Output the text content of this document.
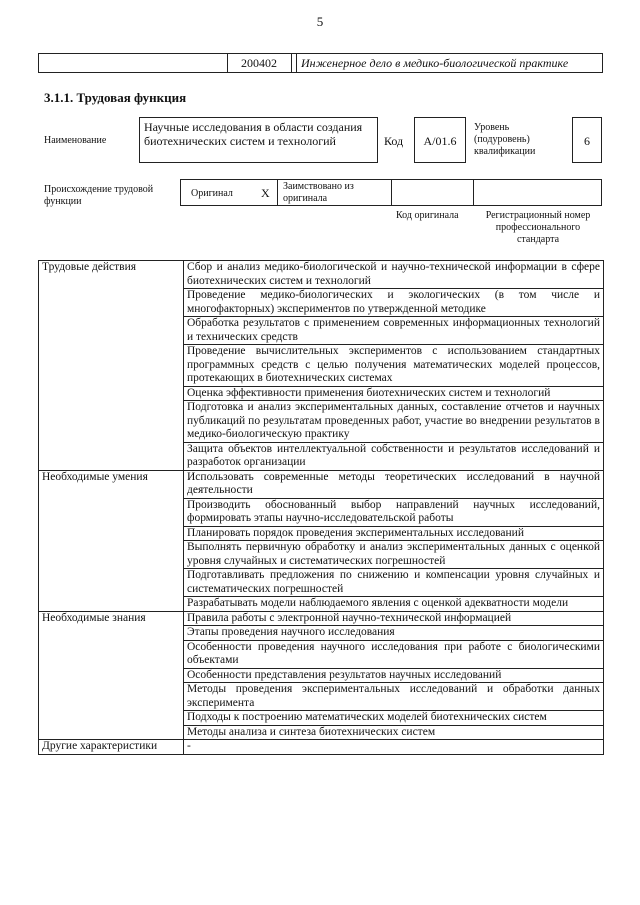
5
200402	Инженерное дело в медико-биологической практике
3.1.1. Трудовая функция
Наименование
Научные исследования в области создания биотехнических систем и технологий	Код	A/01.6
Уровень (подуровень) квалификации
6
Происхождение трудовой функции
Оригинал X Заимствовано из оригинала
Код оригинала	Регистрационный номер профессионального стандарта
Трудовые действия	Сбор и анализ медико-биологической и научно-технической информации в сфере биотехнических систем и технологий
	Проведение медико-биологических и экологических (в том числе и многофакторных) экспериментов по утвержденной методике
	Обработка результатов с применением современных информационных технологий и технических средств
	Проведение вычислительных экспериментов с использованием стандартных программных средств с целью получения математических моделей процессов, протекающих в биотехнических системах
	Оценка эффективности применения биотехнических систем и технологий
	Подготовка и анализ экспериментальных данных, составление отчетов и научных публикаций по результатам проведенных работ, участие во внедрении результатов в медико-биологическую практику
	Защита объектов интеллектуальной собственности и результатов исследований и разработок организации
Необходимые умения	Использовать современные методы теоретических исследований в научной деятельности
	Производить обоснованный выбор направлений научных исследований, формировать этапы научно-исследовательской работы
	Планировать порядок проведения экспериментальных исследований
	Выполнять первичную обработку и анализ экспериментальных данных с оценкой уровня случайных и систематических погрешностей
	Подготавливать предложения по снижению и компенсации уровня случайных и систематических погрешностей
	Разрабатывать модели наблюдаемого явления с оценкой адекватности модели
Необходимые знания	Правила работы с электронной научно-технической информацией
	Этапы проведения научного исследования
	Особенности проведения научного исследования при работе с биологическими объектами
	Особенности представления результатов научных исследований
	Методы проведения экспериментальных исследований и обработки данных эксперимента
	Подходы к построению математических моделей биотехнических систем
	Методы анализа и синтеза биотехнических систем
Другие характеристики	-
